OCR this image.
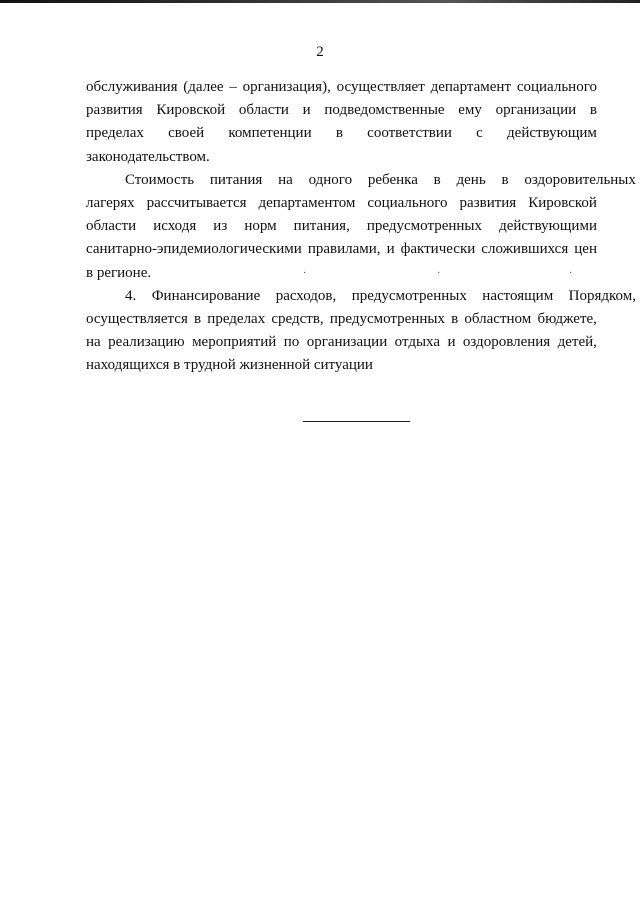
2
обслуживания (далее – организация), осуществляет департамент социального
развития Кировской области и подведомственные ему организации в
пределах своей компетенции в соответствии с действующим
законодательством.
Стоимость питания на одного ребенка в день в оздоровительных
лагерях рассчитывается департаментом социального развития Кировской
области исходя из норм питания, предусмотренных действующими
санитарно-эпидемиологическими правилами, и фактически сложившихся цен
в регионе.
4. Финансирование расходов, предусмотренных настоящим Порядком,
осуществляется в пределах средств, предусмотренных в областном бюджете,
на реализацию мероприятий по организации отдыха и оздоровления детей,
находящихся в трудной жизненной ситуации
·	·	·
